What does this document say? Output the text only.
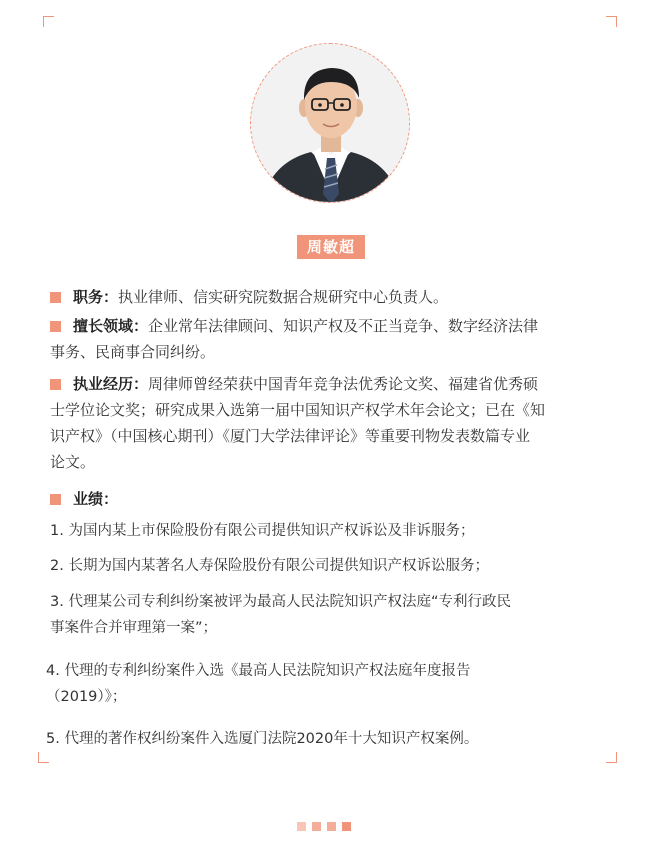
周敏超
职务：执业律师、信实研究院数据合规研究中心负责人。
擅长领域：企业常年法律顾问、知识产权及不正当竞争、数字经济法律
事务、民商事合同纠纷。
执业经历：周律师曾经荣获中国青年竞争法优秀论文奖、福建省优秀硕
士学位论文奖；研究成果入选第一届中国知识产权学术年会论文；已在《知
识产权》（中国核心期刊）《厦门大学法律评论》等重要刊物发表数篇专业
论文。
业绩：
1. 为国内某上市保险股份有限公司提供知识产权诉讼及非诉服务；
2. 长期为国内某著名人寿保险股份有限公司提供知识产权诉讼服务；
3. 代理某公司专利纠纷案被评为最高人民法院知识产权法庭“专利行政民
事案件合并审理第一案”；
4. 代理的专利纠纷案件入选《最高人民法院知识产权法庭年度报告
（2019）》；
5. 代理的著作权纠纷案件入选厦门法院2020年十大知识产权案例。
